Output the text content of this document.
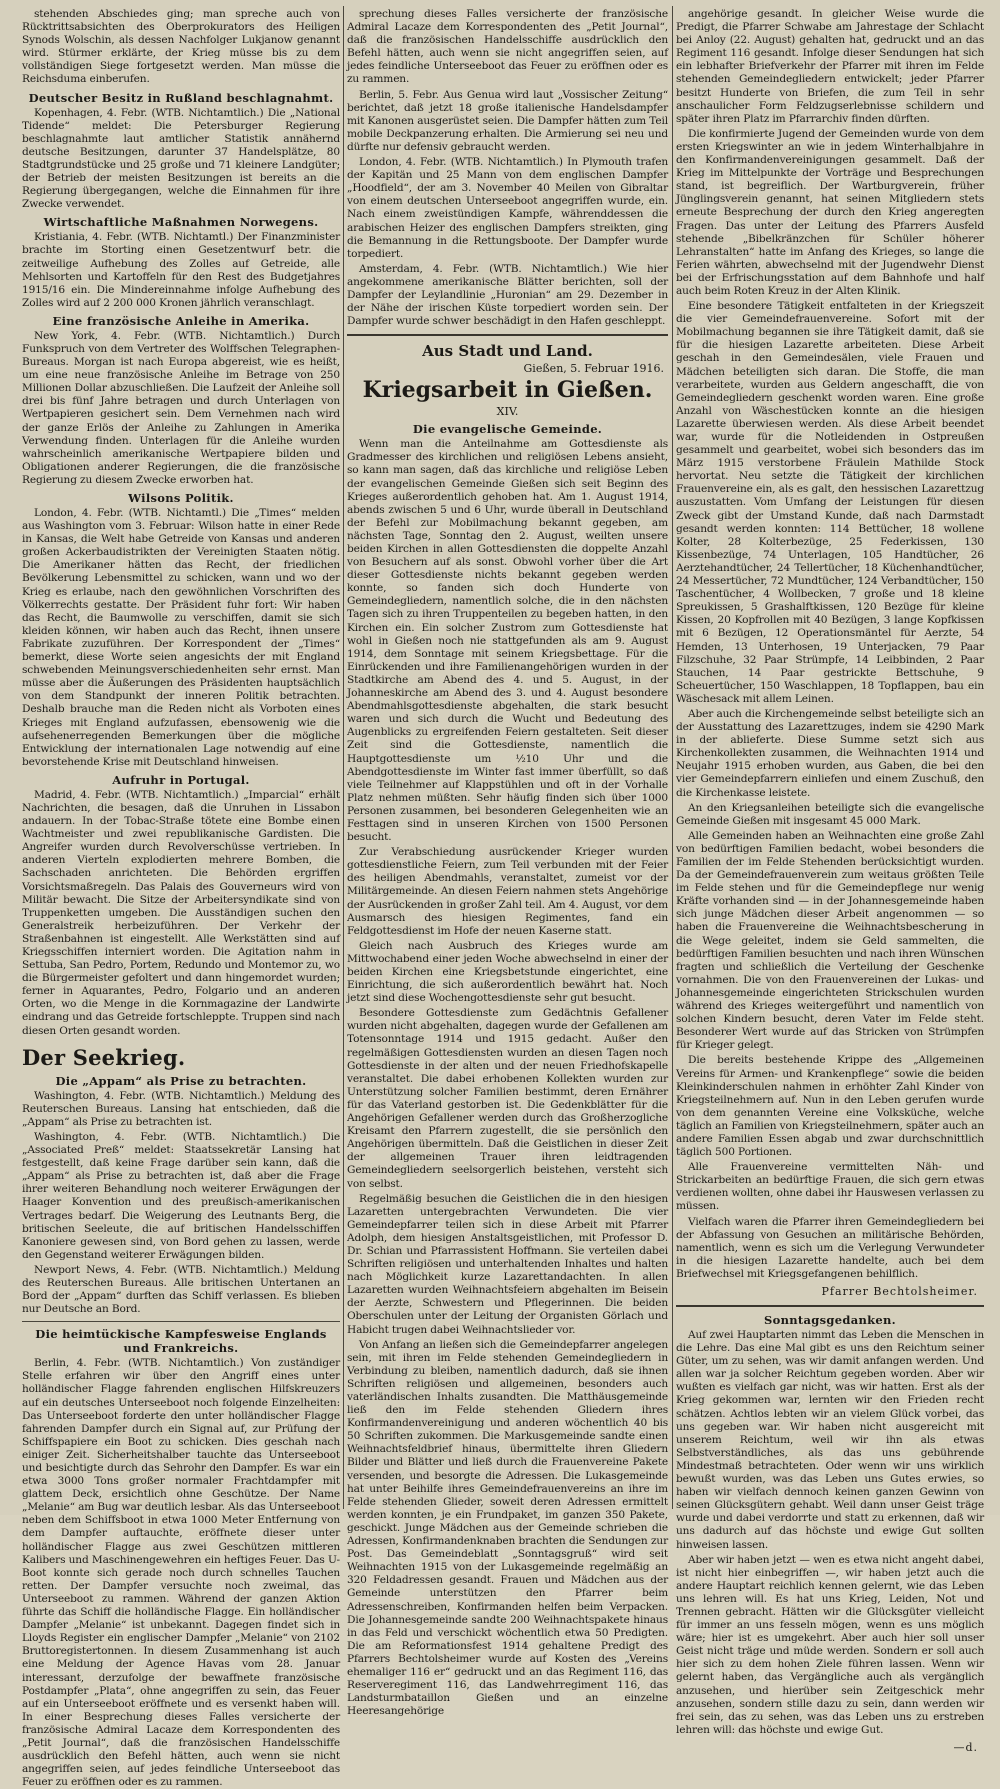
stehenden Abschiedes ging; man spreche auch von Rücktrittsabsichten des Oberprokurators des Heiligen Synods Wolschin, als dessen Nachfolger Lukjanow genannt wird. Stürmer erklärte, der Krieg müsse bis zu dem vollständigen Siege fortgesetzt werden. Man müsse die Reichsduma einberufen.

Deutscher Besitz in Rußland beschlagnahmt.

Kopenhagen, 4. Febr. (WTB. Nichtamtlich.) Die „National Tidende“ meldet: Die Petersburger Regierung beschlagnahmte laut amtlicher Statistik annähernd deutsche Besitzungen, darunter 37 Handelsplätze, 80 Stadtgrundstücke und 25 große und 71 kleinere Landgüter; der Betrieb der meisten Besitzungen ist bereits an die Regierung übergegangen, welche die Einnahmen für ihre Zwecke verwendet.

Wirtschaftliche Maßnahmen Norwegens.

Kristiania, 4. Febr. (WTB. Nichtamtl.) Der Finanzminister brachte im Storting einen Gesetzentwurf betr. die zeitweilige Aufhebung des Zolles auf Getreide, alle Mehlsorten und Kartoffeln für den Rest des Budgetjahres 1915/16 ein. Die Mindereinnahme infolge Aufhebung des Zolles wird auf 2 200 000 Kronen jährlich veranschlagt.

Eine französische Anleihe in Amerika.

New York, 4. Febr. (WTB. Nichtamtlich.) Durch Funkspruch von dem Vertreter des Wolffschen Telegraphen-Bureaus. Morgan ist nach Europa abgereist, wie es heißt, um eine neue französische Anleihe im Betrage von 250 Millionen Dollar abzuschließen. Die Laufzeit der Anleihe soll drei bis fünf Jahre betragen und durch Unterlagen von Wertpapieren gesichert sein. Dem Vernehmen nach wird der ganze Erlös der Anleihe zu Zahlungen in Amerika Verwendung finden. Unterlagen für die Anleihe wurden wahrscheinlich amerikanische Wertpapiere bilden und Obligationen anderer Regierungen, die die französische Regierung zu diesem Zwecke erworben hat.

Wilsons Politik.

London, 4. Febr. (WTB. Nichtamtl.) Die „Times“ melden aus Washington vom 3. Februar: Wilson hatte in einer Rede in Kansas, die Welt habe Getreide von Kansas und anderen großen Ackerbaudistrikten der Vereinigten Staaten nötig. Die Amerikaner hätten das Recht, der friedlichen Bevölkerung Lebensmittel zu schicken, wann und wo der Krieg es erlaube, nach den gewöhnlichen Vorschriften des Völkerrechts gestatte. Der Präsident fuhr fort: Wir haben das Recht, die Baumwolle zu verschiffen, damit sie sich kleiden können, wir haben auch das Recht, ihnen unsere Fabrikate zuzuführen. Der Korrespondent der „Times“ bemerkt, diese Worte seien angesichts der mit England schwebenden Meinungsverschiedenheiten sehr ernst. Man müsse aber die Äußerungen des Präsidenten hauptsächlich von dem Standpunkt der inneren Politik betrachten. Deshalb brauche man die Reden nicht als Vorboten eines Krieges mit England aufzufassen, ebensowenig wie die aufsehenerregenden Bemerkungen über die mögliche Entwicklung der internationalen Lage notwendig auf eine bevorstehende Krise mit Deutschland hinweisen.

Aufruhr in Portugal.

Madrid, 4. Febr. (WTB. Nichtamtlich.) „Imparcial“ erhält Nachrichten, die besagen, daß die Unruhen in Lissabon andauern. In der Tobac-Straße tötete eine Bombe einen Wachtmeister und zwei republikanische Gardisten. Die Angreifer wurden durch Revolverschüsse vertrieben. In anderen Vierteln explodierten mehrere Bomben, die Sachschaden anrichteten. Die Behörden ergriffen Vorsichtsmaßregeln. Das Palais des Gouverneurs wird von Militär bewacht. Die Sitze der Arbeitersyndikate sind von Truppenketten umgeben. Die Ausständigen suchen den Generalstreik herbeizuführen. Der Verkehr der Straßenbahnen ist eingestellt. Alle Werkstätten sind auf Kriegsschiffen interniert worden. Die Agitation nahm in Settuba, San Pedro, Portem, Redundo und Montemor zu, wo die Bürgermeister gefoltert und dann hingemordet wurden; ferner in Aquarantes, Pedro, Folgario und an anderen Orten, wo die Menge in die Kornmagazine der Landwirte eindrang und das Getreide fortschleppte. Truppen sind nach diesen Orten gesandt worden.

Der Seekrieg.
Die „Appam“ als Prise zu betrachten.

Washington, 4. Febr. (WTB. Nichtamtlich.) Meldung des Reuterschen Bureaus. Lansing hat entschieden, daß die „Appam“ als Prise zu betrachten ist.

Washington, 4. Febr. (WTB. Nichtamtlich.) Die „Associated Preß“ meldet: Staatssekretär Lansing hat festgestellt, daß keine Frage darüber sein kann, daß die „Appam“ als Prise zu betrachten ist, daß aber die Frage ihrer weiteren Behandlung noch weiterer Erwägungen der Haager Konvention und des preußisch-amerikanischen Vertrages bedarf. Die Weigerung des Leutnants Berg, die britischen Seeleute, die auf britischen Handelsschiffen Kanoniere gewesen sind, von Bord gehen zu lassen, werde den Gegenstand weiterer Erwägungen bilden.

Newport News, 4. Febr. (WTB. Nichtamtlich.) Meldung des Reuterschen Bureaus. Alle britischen Untertanen an Bord der „Appam“ durften das Schiff verlassen. Es blieben nur Deutsche an Bord.

Die heimtückische Kampfesweise Englands und Frankreichs.

Berlin, 4. Febr. (WTB. Nichtamtlich.) Von zuständiger Stelle erfahren wir über den Angriff eines unter holländischer Flagge fahrenden englischen Hilfskreuzers auf ein deutsches Unterseeboot noch folgende Einzelheiten: Das Unterseeboot forderte den unter holländischer Flagge fahrenden Dampfer durch ein Signal auf, zur Prüfung der Schiffspapiere ein Boot zu schicken. Dies geschah nach einiger Zeit. Sicherheitshalber tauchte das Unterseeboot und besichtigte durch das Sehrohr den Dampfer. Es war ein etwa 3000 Tons großer normaler Frachtdampfer mit glattem Deck, ersichtlich ohne Geschütze. Der Name „Melanie“ am Bug war deutlich lesbar. Als das Unterseeboot neben dem Schiffsboot in etwa 1000 Meter Entfernung von dem Dampfer auftauchte, eröffnete dieser unter holländischer Flagge aus zwei Geschützen mittleren Kalibers und Maschinengewehren ein heftiges Feuer. Das U-Boot konnte sich gerade noch durch schnelles Tauchen retten. Der Dampfer versuchte noch zweimal, das Unterseeboot zu rammen. Während der ganzen Aktion führte das Schiff die holländische Flagge. Ein holländischer Dampfer „Melanie“ ist unbekannt. Dagegen findet sich in Lloyds Register ein englischer Dampfer „Melanie“ von 2102 Bruttoregistertonnen. In diesem Zusammenhang ist auch eine Meldung der Agence Havas vom 28. Januar interessant, derzufolge der bewaffnete französische Postdampfer „Plata“, ohne angegriffen zu sein, das Feuer auf ein Unterseeboot eröffnete und es versenkt haben will. In einer Besprechung dieses Falles versicherte der französische Admiral Lacaze dem Korrespondenten des „Petit Journal“, daß die französischen Handelsschiffe ausdrücklich den Befehl hätten, auch wenn sie nicht angegriffen seien, auf jedes feindliche Unterseeboot das Feuer zu eröffnen oder es zu rammen.

sprechung dieses Falles versicherte der französische Admiral Lacaze dem Korrespondenten des „Petit Journal“, daß die französischen Handelsschiffe ausdrücklich den Befehl hätten, auch wenn sie nicht angegriffen seien, auf jedes feindliche Unterseeboot das Feuer zu eröffnen oder es zu rammen.

Berlin, 5. Febr. Aus Genua wird laut „Vossischer Zeitung“ berichtet, daß jetzt 18 große italienische Handelsdampfer mit Kanonen ausgerüstet seien. Die Dampfer hätten zum Teil mobile Deckpanzerung erhalten. Die Armierung sei neu und dürfte nur defensiv gebraucht werden.

London, 4. Febr. (WTB. Nichtamtlich.) In Plymouth trafen der Kapitän und 25 Mann von dem englischen Dampfer „Hoodfield“, der am 3. November 40 Meilen von Gibraltar von einem deutschen Unterseeboot angegriffen wurde, ein. Nach einem zweistündigen Kampfe, währenddessen die arabischen Heizer des englischen Dampfers streikten, ging die Bemannung in die Rettungsboote. Der Dampfer wurde torpediert.

Amsterdam, 4. Febr. (WTB. Nichtamtlich.) Wie hier angekommene amerikanische Blätter berichten, soll der Dampfer der Leylandlinie „Huronian“ am 29. Dezember in der Nähe der irischen Küste torpediert worden sein. Der Dampfer wurde schwer beschädigt in den Hafen geschleppt.

Aus Stadt und Land.
Gießen, 5. Februar 1916.
Kriegsarbeit in Gießen.
XIV.
Die evangelische Gemeinde.

Wenn man die Anteilnahme am Gottesdienste als Gradmesser des kirchlichen und religiösen Lebens ansieht, so kann man sagen, daß das kirchliche und religiöse Leben der evangelischen Gemeinde Gießen sich seit Beginn des Krieges außerordentlich gehoben hat. Am 1. August 1914, abends zwischen 5 und 6 Uhr, wurde überall in Deutschland der Befehl zur Mobilmachung bekannt gegeben, am nächsten Tage, Sonntag den 2. August, weilten unsere beiden Kirchen in allen Gottesdiensten die doppelte Anzahl von Besuchern auf als sonst. Obwohl vorher über die Art dieser Gottesdienste nichts bekannt gegeben werden konnte, so fanden sich doch Hunderte von Gemeindegliedern, namentlich solche, die in den nächsten Tagen sich zu ihren Truppenteilen zu begeben hatten, in den Kirchen ein. Ein solcher Zustrom zum Gottesdienste hat wohl in Gießen noch nie stattgefunden als am 9. August 1914, dem Sonntage mit seinem Kriegsbettage. Für die Einrückenden und ihre Familienangehörigen wurden in der Stadtkirche am Abend des 4. und 5. August, in der Johanneskirche am Abend des 3. und 4. August besondere Abendmahlsgottesdienste abgehalten, die stark besucht waren und sich durch die Wucht und Bedeutung des Augenblicks zu ergreifenden Feiern gestalteten. Seit dieser Zeit sind die Gottesdienste, namentlich die Hauptgottesdienste um ½10 Uhr und die Abendgottesdienste im Winter fast immer überfüllt, so daß viele Teilnehmer auf Klappstühlen und oft in der Vorhalle Platz nehmen müßten. Sehr häufig finden sich über 1000 Personen zusammen, bei besonderen Gelegenheiten wie an Festtagen sind in unseren Kirchen von 1500 Personen besucht.

Zur Verabschiedung ausrückender Krieger wurden gottesdienstliche Feiern, zum Teil verbunden mit der Feier des heiligen Abendmahls, veranstaltet, zumeist vor der Militärgemeinde. An diesen Feiern nahmen stets Angehörige der Ausrückenden in großer Zahl teil. Am 4. August, vor dem Ausmarsch des hiesigen Regimentes, fand ein Feldgottesdienst im Hofe der neuen Kaserne statt.

Gleich nach Ausbruch des Krieges wurde am Mittwochabend einer jeden Woche abwechselnd in einer der beiden Kirchen eine Kriegsbetstunde eingerichtet, eine Einrichtung, die sich außerordentlich bewährt hat. Noch jetzt sind diese Wochengottesdienste sehr gut besucht.

Besondere Gottesdienste zum Gedächtnis Gefallener wurden nicht abgehalten, dagegen wurde der Gefallenen am Totensonntage 1914 und 1915 gedacht. Außer den regelmäßigen Gottesdiensten wurden an diesen Tagen noch Gottesdienste in der alten und der neuen Friedhofskapelle veranstaltet. Die dabei erhobenen Kollekten wurden zur Unterstützung solcher Familien bestimmt, deren Ernährer für das Vaterland gestorben ist. Die Gedenkblätter für die Angehörigen Gefallener werden durch das Großherzogliche Kreisamt den Pfarrern zugestellt, die sie persönlich den Angehörigen übermitteln. Daß die Geistlichen in dieser Zeit der allgemeinen Trauer ihren leidtragenden Gemeindegliedern seelsorgerlich beistehen, versteht sich von selbst.

Regelmäßig besuchen die Geistlichen die in den hiesigen Lazaretten untergebrachten Verwundeten. Die vier Gemeindepfarrer teilen sich in diese Arbeit mit Pfarrer Adolph, dem hiesigen Anstaltsgeistlichen, mit Professor D. Dr. Schian und Pfarrassistent Hoffmann. Sie verteilen dabei Schriften religiösen und unterhaltenden Inhaltes und halten nach Möglichkeit kurze Lazarettandachten. In allen Lazaretten wurden Weihnachtsfeiern abgehalten im Beisein der Aerzte, Schwestern und Pflegerinnen. Die beiden Oberschulen unter der Leitung der Organisten Görlach und Habicht trugen dabei Weihnachtslieder vor.

Von Anfang an ließen sich die Gemeindepfarrer angelegen sein, mit ihren im Felde stehenden Gemeindegliedern in Verbindung zu bleiben, namentlich dadurch, daß sie ihnen Schriften religiösen und allgemeinen, besonders auch vaterländischen Inhalts zusandten. Die Matthäusgemeinde ließ den im Felde stehenden Gliedern ihres Konfirmandenvereinigung und anderen wöchentlich 40 bis 50 Schriften zukommen. Die Markusgemeinde sandte einen Weihnachtsfeldbrief hinaus, übermittelte ihren Gliedern Bilder und Blätter und ließ durch die Frauenvereine Pakete versenden, und besorgte die Adressen. Die Lukasgemeinde hat unter Beihilfe ihres Gemeindefrauenvereins an ihre im Felde stehenden Glieder, soweit deren Adressen ermittelt werden konnten, je ein Frundpaket, im ganzen 350 Pakete, geschickt. Junge Mädchen aus der Gemeinde schrieben die Adressen, Konfirmandenknaben brachten die Sendungen zur Post. Das Gemeindeblatt „Sonntagsgruß“ wird seit Weihnachten 1915 von der Lukasgemeinde regelmäßig an 320 Feldadressen gesandt. Frauen und Mädchen aus der Gemeinde unterstützen den Pfarrer beim Adressenschreiben, Konfirmanden helfen beim Verpacken. Die Johannesgemeinde sandte 200 Weihnachtspakete hinaus in das Feld und verschickt wöchentlich etwa 50 Predigten. Die am Reformationsfest 1914 gehaltene Predigt des Pfarrers Bechtolsheimer wurde auf Kosten des „Vereins ehemaliger 116 er“ gedruckt und an das Regiment 116, das Reserveregiment 116, das Landwehrregiment 116, das Landsturmbataillon Gießen und an einzelne Heeresangehörige

angehörige gesandt. In gleicher Weise wurde die Predigt, die Pfarrer Schwabe am Jahrestage der Schlacht bei Anloy (22. August) gehalten hat, gedruckt und an das Regiment 116 gesandt. Infolge dieser Sendungen hat sich ein lebhafter Briefverkehr der Pfarrer mit ihren im Felde stehenden Gemeindegliedern entwickelt; jeder Pfarrer besitzt Hunderte von Briefen, die zum Teil in sehr anschaulicher Form Feldzugserlebnisse schildern und später ihren Platz im Pfarrarchiv finden dürften.

Die konfirmierte Jugend der Gemeinden wurde von dem ersten Kriegswinter an wie in jedem Winterhalbjahre in den Konfirmandenvereinigungen gesammelt. Daß der Krieg im Mittelpunkte der Vorträge und Besprechungen stand, ist begreiflich. Der Wartburgverein, früher Jünglingsverein genannt, hat seinen Mitgliedern stets erneute Besprechung der durch den Krieg angeregten Fragen. Das unter der Leitung des Pfarrers Ausfeld stehende „Bibelkränzchen für Schüler höherer Lehranstalten“ hatte im Anfang des Krieges, so lange die Ferien währten, abwechselnd mit der Jugendwehr Dienst bei der Erfrischungsstation auf dem Bahnhofe und half auch beim Roten Kreuz in der Alten Klinik.

Eine besondere Tätigkeit entfalteten in der Kriegszeit die vier Gemeindefrauenvereine. Sofort mit der Mobilmachung begannen sie ihre Tätigkeit damit, daß sie für die hiesigen Lazarette arbeiteten. Diese Arbeit geschah in den Gemeindesälen, viele Frauen und Mädchen beteiligten sich daran. Die Stoffe, die man verarbeitete, wurden aus Geldern angeschafft, die von Gemeindegliedern geschenkt worden waren. Eine große Anzahl von Wäschestücken konnte an die hiesigen Lazarette überwiesen werden. Als diese Arbeit beendet war, wurde für die Notleidenden in Ostpreußen gesammelt und gearbeitet, wobei sich besonders das im März 1915 verstorbene Fräulein Mathilde Stock hervortat. Neu setzte die Tätigkeit der kirchlichen Frauenvereine ein, als es galt, den hessischen Lazarettzug auszustatten. Vom Umfang der Leistungen für diesen Zweck gibt der Umstand Kunde, daß nach Darmstadt gesandt werden konnten: 114 Bettücher, 18 wollene Kolter, 28 Kolterbezüge, 25 Federkissen, 130 Kissenbezüge, 74 Unterlagen, 105 Handtücher, 26 Aerztehandtücher, 24 Tellertücher, 18 Küchenhandtücher, 24 Messertücher, 72 Mundtücher, 124 Verbandtücher, 150 Taschentücher, 4 Wollbecken, 7 große und 18 kleine Spreukissen, 5 Grashalftkissen, 120 Bezüge für kleine Kissen, 20 Kopfrollen mit 40 Bezügen, 3 lange Kopfkissen mit 6 Bezügen, 12 Operationsmäntel für Aerzte, 54 Hemden, 13 Unterhosen, 19 Unterjacken, 79 Paar Filzschuhe, 32 Paar Strümpfe, 14 Leibbinden, 2 Paar Stauchen, 14 Paar gestrickte Bettschuhe, 9 Scheuertücher, 150 Waschlappen, 18 Topflappen, bau ein Wäschesack mit allem Leinen.

Aber auch die Kirchengemeinde selbst beteiligte sich an der Ausstattung des Lazarettzuges, indem sie 4290 Mark in der ablieferte. Diese Summe setzt sich aus Kirchenkollekten zusammen, die Weihnachten 1914 und Neujahr 1915 erhoben wurden, aus Gaben, die bei den vier Gemeindepfarrern einliefen und einem Zuschuß, den die Kirchenkasse leistete.

An den Kriegsanleihen beteiligte sich die evangelische Gemeinde Gießen mit insgesamt 45 000 Mark.

Alle Gemeinden haben an Weihnachten eine große Zahl von bedürftigen Familien bedacht, wobei besonders die Familien der im Felde Stehenden berücksichtigt wurden. Da der Gemeindefrauenverein zum weitaus größten Teile im Felde stehen und für die Gemeindepflege nur wenig Kräfte vorhanden sind — in der Johannesgemeinde haben sich junge Mädchen dieser Arbeit angenommen — so haben die Frauenvereine die Weihnachtsbescherung in die Wege geleitet, indem sie Geld sammelten, die bedürftigen Familien besuchten und nach ihren Wünschen fragten und schließlich die Verteilung der Geschenke vornahmen. Die von den Frauenvereinen der Lukas- und Johannesgemeinde eingerichteten Strickschulen wurden während des Krieges weitergeführt und namentlich von solchen Kindern besucht, deren Vater im Felde steht. Besonderer Wert wurde auf das Stricken von Strümpfen für Krieger gelegt.

Die bereits bestehende Krippe des „Allgemeinen Vereins für Armen- und Krankenpflege“ sowie die beiden Kleinkinderschulen nahmen in erhöhter Zahl Kinder von Kriegsteilnehmern auf. Nun in den Leben gerufen wurde von dem genannten Vereine eine Volksküche, welche täglich an Familien von Kriegsteilnehmern, später auch an andere Familien Essen abgab und zwar durchschnittlich täglich 500 Portionen.

Alle Frauenvereine vermittelten Näh- und Strickarbeiten an bedürftige Frauen, die sich gern etwas verdienen wollten, ohne dabei ihr Hauswesen verlassen zu müssen.

Vielfach waren die Pfarrer ihren Gemeindegliedern bei der Abfassung von Gesuchen an militärische Behörden, namentlich, wenn es sich um die Verlegung Verwundeter in die hiesigen Lazarette handelte, auch bei dem Briefwechsel mit Kriegsgefangenen behilflich.

Pfarrer Bechtolsheimer.
Sonntagsgedanken.

Auf zwei Hauptarten nimmt das Leben die Menschen in die Lehre. Das eine Mal gibt es uns den Reichtum seiner Güter, um zu sehen, was wir damit anfangen werden. Und allen war ja solcher Reichtum gegeben worden. Aber wir wußten es vielfach gar nicht, was wir hatten. Erst als der Krieg gekommen war, lernten wir den Frieden recht schätzen. Achtlos lebten wir an vielem Glück vorbei, das uns gegeben war. Wir haben nicht ausgereicht mit unserem Reichtum, weil wir ihn als etwas Selbstverständliches, als das uns gebührende Mindestmaß betrachteten. Oder wenn wir uns wirklich bewußt wurden, was das Leben uns Gutes erwies, so haben wir vielfach dennoch keinen ganzen Gewinn von seinen Glücksgütern gehabt. Weil dann unser Geist träge wurde und dabei verdorrte und statt zu erkennen, daß wir uns dadurch auf das höchste und ewige Gut sollten hinweisen lassen.

Aber wir haben jetzt — wen es etwa nicht angeht dabei, ist nicht hier einbegriffen —, wir haben jetzt auch die andere Hauptart reichlich kennen gelernt, wie das Leben uns lehren will. Es hat uns Krieg, Leiden, Not und Trennen gebracht. Hätten wir die Glücksgüter vielleicht für immer an uns fesseln mögen, wenn es uns möglich wäre; hier ist es umgekehrt. Aber auch hier soll unser Geist nicht träge und müde werden. Sondern er soll auch hier sich zu dem hohen Ziele führen lassen. Wenn wir gelernt haben, das Vergängliche auch als vergänglich anzusehen, und hierüber sein Zeitgeschick mehr anzusehen, sondern stille dazu zu sein, dann werden wir frei sein, das zu sehen, was das Leben uns zu erstreben lehren will: das höchste und ewige Gut.

—d.
